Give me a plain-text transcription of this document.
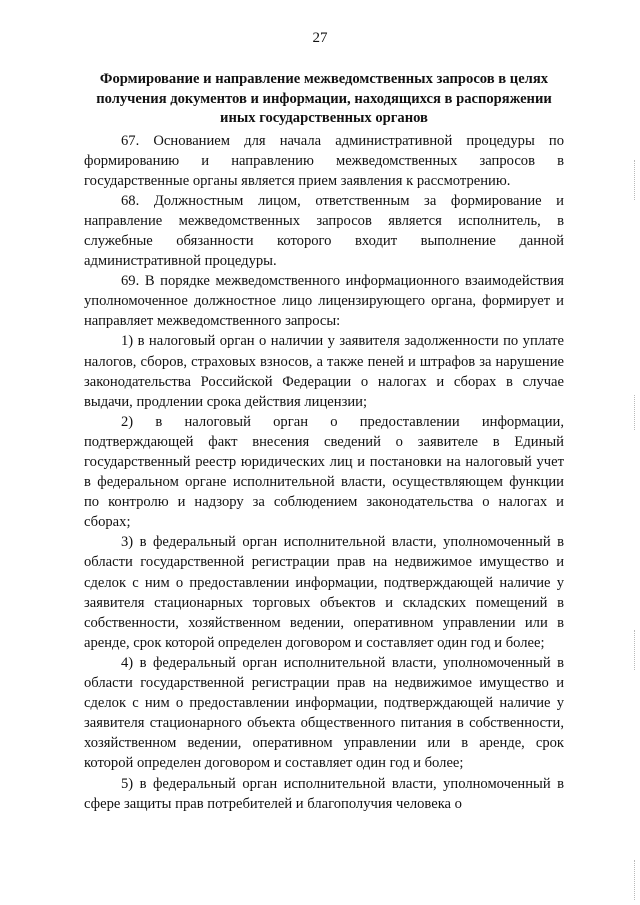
27

Формирование и направление межведомственных запросов в целях получения документов и информации, находящихся в распоряжении иных государственных органов

67. Основанием для начала административной процедуры по формированию и направлению межведомственных запросов в государственные органы является прием заявления к рассмотрению.

68. Должностным лицом, ответственным за формирование и направление межведомственных запросов является исполнитель, в служебные обязанности которого входит выполнение данной административной процедуры.

69. В порядке межведомственного информационного взаимодействия уполномоченное должностное лицо лицензирующего органа, формирует и направляет межведомственного запросы:

1) в налоговый орган о наличии у заявителя задолженности по уплате налогов, сборов, страховых взносов, а также пеней и штрафов за нарушение законодательства Российской Федерации о налогах и сборах в случае выдачи, продлении срока действия лицензии;

2) в налоговый орган о предоставлении информации, подтверждающей факт внесения сведений о заявителе в Единый государственный реестр юридических лиц и постановки на налоговый учет в федеральном органе исполнительной власти, осуществляющем функции по контролю и надзору за соблюдением законодательства о налогах и сборах;

3) в федеральный орган исполнительной власти, уполномоченный в области государственной регистрации прав на недвижимое имущество и сделок с ним о предоставлении информации, подтверждающей наличие у заявителя стационарных торговых объектов и складских помещений в собственности, хозяйственном ведении, оперативном управлении или в аренде, срок которой определен договором и составляет один год и более;

4) в федеральный орган исполнительной власти, уполномоченный в области государственной регистрации прав на недвижимое имущество и сделок с ним о предоставлении информации, подтверждающей наличие у заявителя стационарного объекта общественного питания в собственности, хозяйственном ведении, оперативном управлении или в аренде, срок которой определен договором и составляет один год и более;

5) в федеральный орган исполнительной власти, уполномоченный в сфере защиты прав потребителей и благополучия человека о
